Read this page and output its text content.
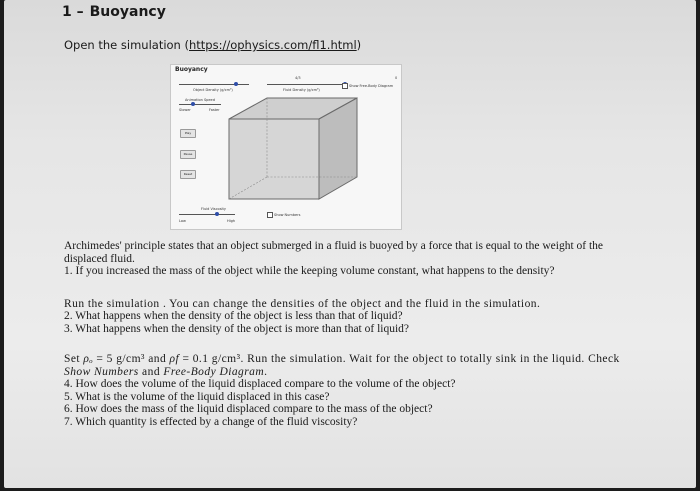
1 – Buoyancy
Open the simulation (https://ophysics.com/fl1.html)
Buoyancy
4/3	0
Object Density (g/cm³)	Fluid Density (g/cm³)
Show Free-Body Diagram
Animation Speed
Slower	Faster
Play
Pause
Reset
Fluid Viscosity
Low	High
Show Numbers

Archimedes' principle states that an object submerged in a fluid is buoyed by a force that is equal to the weight of the displaced fluid.

1. If you increased the mass of the object while the keeping volume constant, what happens to the density?

Run the simulation . You can change the densities of the object and the fluid in the simulation.

2. What happens when the density of the object is less than that of liquid?

3. What happens when the density of the object is more than that of liquid?

Set ρₒ = 5 g/cm³ and ρf = 0.1 g/cm³. Run the simulation. Wait for the object to totally sink in the liquid. Check Show Numbers and Free-Body Diagram.

4. How does the volume of the liquid displaced compare to the volume of the object?

5. What is the volume of the liquid displaced in this case?

6. How does the mass of the liquid displaced compare to the mass of the object?

7. Which quantity is effected by a change of the fluid viscosity?
